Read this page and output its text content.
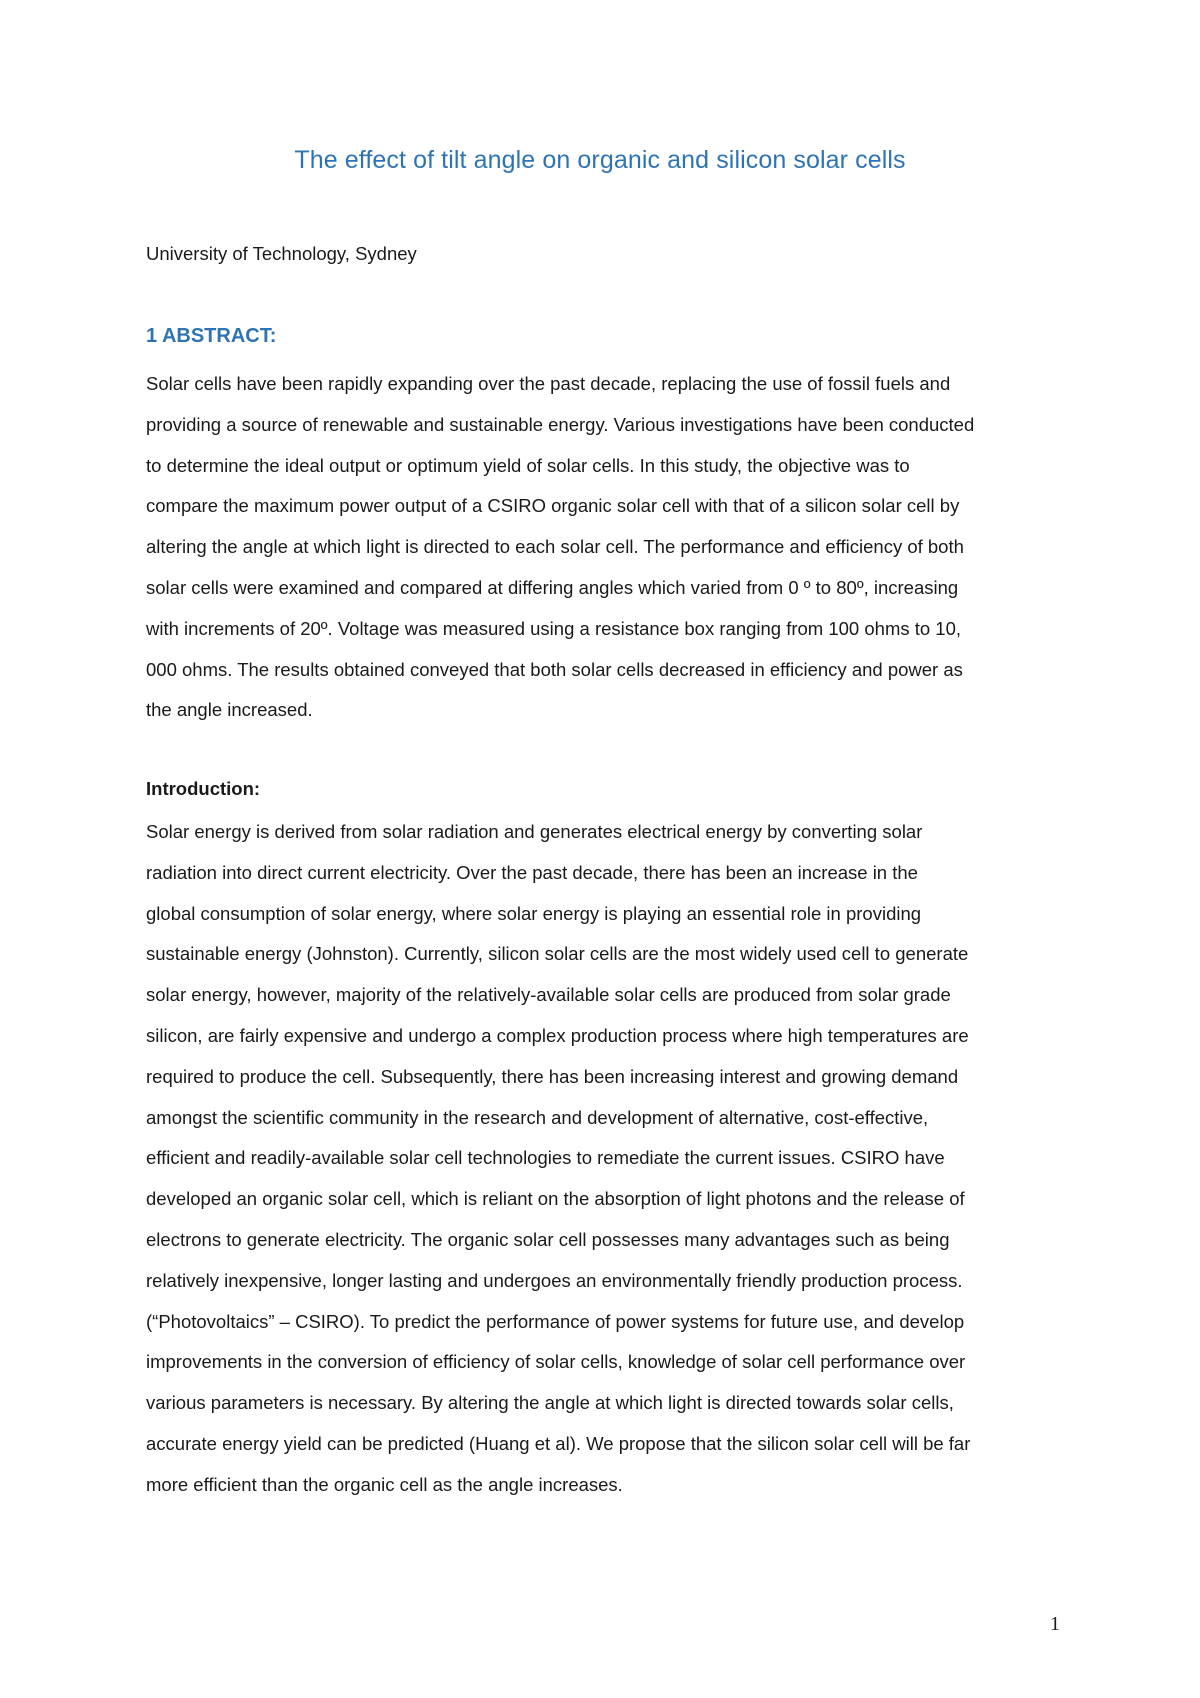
The effect of tilt angle on organic and silicon solar cells
University of Technology, Sydney
1 ABSTRACT:
Solar cells have been rapidly expanding over the past decade, replacing the use of fossil fuels and
providing a source of renewable and sustainable energy. Various investigations have been conducted
to determine the ideal output or optimum yield of solar cells. In this study, the objective was to
compare the maximum power output of a CSIRO organic solar cell with that of a silicon solar cell by
altering the angle at which light is directed to each solar cell. The performance and efficiency of both
solar cells were examined and compared at differing angles which varied from 0 º to 80º, increasing
with increments of 20º. Voltage was measured using a resistance box ranging from 100 ohms to 10,
000 ohms. The results obtained conveyed that both solar cells decreased in efficiency and power as
the angle increased.
Introduction:
Solar energy is derived from solar radiation and generates electrical energy by converting solar
radiation into direct current electricity. Over the past decade, there has been an increase in the
global consumption of solar energy, where solar energy is playing an essential role in providing
sustainable energy (Johnston). Currently, silicon solar cells are the most widely used cell to generate
solar energy, however, majority of the relatively-available solar cells are produced from solar grade
silicon, are fairly expensive and undergo a complex production process where high temperatures are
required to produce the cell. Subsequently, there has been increasing interest and growing demand
amongst the scientific community in the research and development of alternative, cost-effective,
efficient and readily-available solar cell technologies to remediate the current issues. CSIRO have
developed an organic solar cell, which is reliant on the absorption of light photons and the release of
electrons to generate electricity. The organic solar cell possesses many advantages such as being
relatively inexpensive, longer lasting and undergoes an environmentally friendly production process.
(“Photovoltaics” – CSIRO). To predict the performance of power systems for future use, and develop
improvements in the conversion of efficiency of solar cells, knowledge of solar cell performance over
various parameters is necessary. By altering the angle at which light is directed towards solar cells,
accurate energy yield can be predicted (Huang et al). We propose that the silicon solar cell will be far
more efficient than the organic cell as the angle increases.
1
